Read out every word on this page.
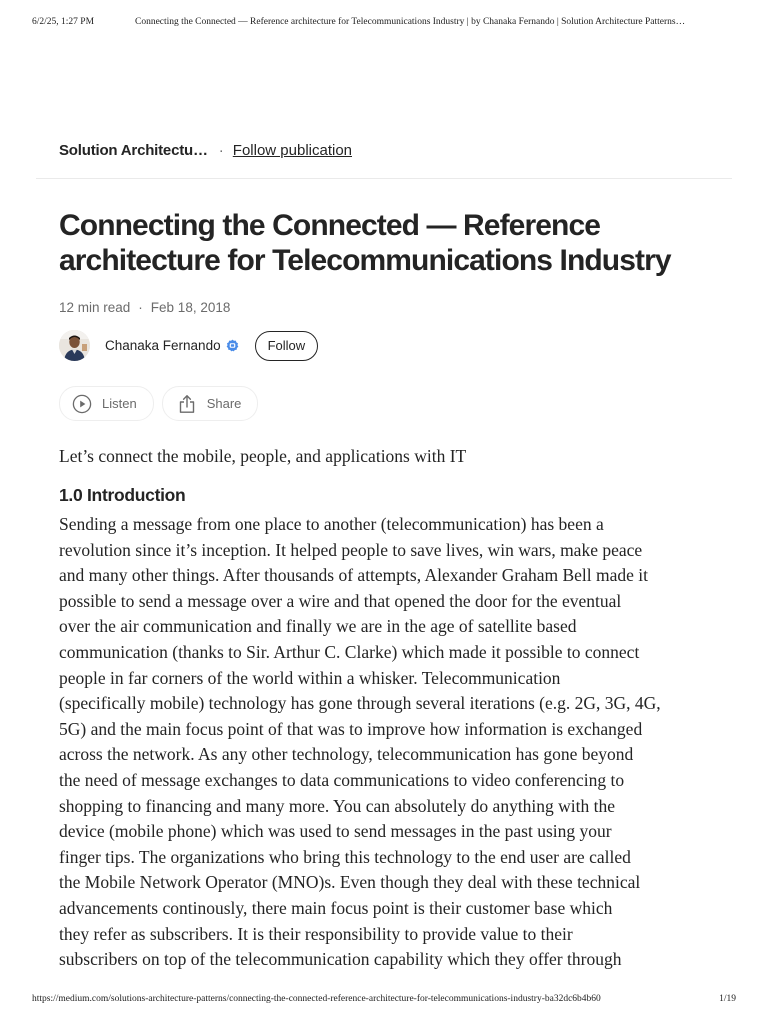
6/2/25, 1:27 PM	Connecting the Connected — Reference architecture for Telecommunications Industry | by Chanaka Fernando | Solution Architecture Patterns…
Solution Architectu… · Follow publication
Connecting the Connected — Reference architecture for Telecommunications Industry
12 min read · Feb 18, 2018
Chanaka Fernando	Follow
Listen	Share

Let’s connect the mobile, people, and applications with IT

1.0 Introduction

Sending a message from one place to another (telecommunication) has been a
revolution since it’s inception. It helped people to save lives, win wars, make peace
and many other things. After thousands of attempts, Alexander Graham Bell made it
possible to send a message over a wire and that opened the door for the eventual
over the air communication and finally we are in the age of satellite based
communication (thanks to Sir. Arthur C. Clarke) which made it possible to connect
people in far corners of the world within a whisker. Telecommunication
(specifically mobile) technology has gone through several iterations (e.g. 2G, 3G, 4G,
5G) and the main focus point of that was to improve how information is exchanged
across the network. As any other technology, telecommunication has gone beyond
the need of message exchanges to data communications to video conferencing to
shopping to financing and many more. You can absolutely do anything with the
device (mobile phone) which was used to send messages in the past using your
finger tips. The organizations who bring this technology to the end user are called
the Mobile Network Operator (MNO)s. Even though they deal with these technical
advancements continously, there main focus point is their customer base which
they refer as subscribers. It is their responsibility to provide value to their
subscribers on top of the telecommunication capability which they offer through

https://medium.com/solutions-architecture-patterns/connecting-the-connected-reference-architecture-for-telecommunications-industry-ba32dc6b4b60	1/19
